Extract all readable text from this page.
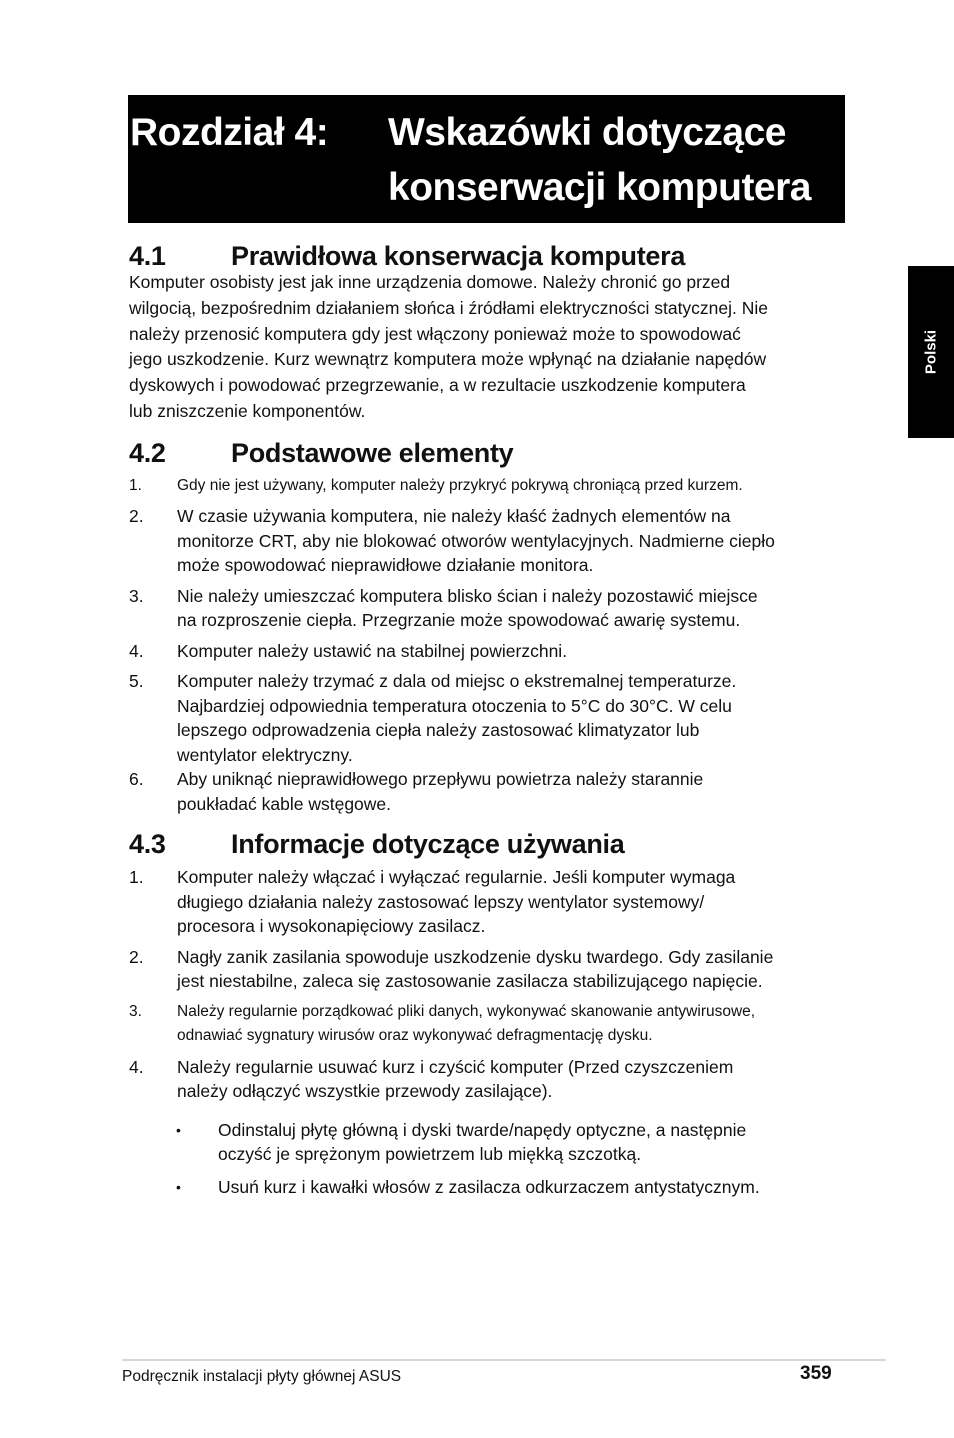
Rozdział 4: Wskazówki dotyczące
konserwacji komputera
Polski
4.1 Prawidłowa konserwacja komputera

Komputer osobisty jest jak inne urządzenia domowe. Należy chronić go przed
wilgocią, bezpośrednim działaniem słońca i źródłami elektryczności statycznej. Nie
należy przenosić komputera gdy jest włączony ponieważ może to spowodować
jego uszkodzenie. Kurz wewnątrz komputera może wpłynąć na działanie napędów
dyskowych i powodować przegrzewanie, a w rezultacie uszkodzenie komputera
lub zniszczenie komponentów.

4.2 Podstawowe elementy
1.	Gdy nie jest używany, komputer należy przykryć pokrywą chroniącą przed kurzem.
2.	W czasie używania komputera, nie należy kłaść żadnych elementów na
monitorze CRT, aby nie blokować otworów wentylacyjnych. Nadmierne ciepło
może spowodować nieprawidłowe działanie monitora.
3.	Nie należy umieszczać komputera blisko ścian i należy pozostawić miejsce
na rozproszenie ciepła. Przegrzanie może spowodować awarię systemu.
4.	Komputer należy ustawić na stabilnej powierzchni.
5.	Komputer należy trzymać z dala od miejsc o ekstremalnej temperaturze.
Najbardziej odpowiednia temperatura otoczenia to 5°C do 30°C. W celu
lepszego odprowadzenia ciepła należy zastosować klimatyzator lub
wentylator elektryczny.
6.	Aby uniknąć nieprawidłowego przepływu powietrza należy starannie
poukładać kable wstęgowe.
4.3 Informacje dotyczące używania
1.	Komputer należy włączać i wyłączać regularnie. Jeśli komputer wymaga
długiego działania należy zastosować lepszy wentylator systemowy/
procesora i wysokonapięciowy zasilacz.
2.	Nagły zanik zasilania spowoduje uszkodzenie dysku twardego. Gdy zasilanie
jest niestabilne, zaleca się zastosowanie zasilacza stabilizującego napięcie.
3.	Należy regularnie porządkować pliki danych, wykonywać skanowanie antywirusowe,
odnawiać sygnatury wirusów oraz wykonywać defragmentację dysku.
4.	Należy regularnie usuwać kurz i czyścić komputer (Przed czyszczeniem
należy odłączyć wszystkie przewody zasilające).
•	Odinstaluj płytę główną i dyski twarde/napędy optyczne, a następnie
oczyść je sprężonym powietrzem lub miękką szczotką.
•	Usuń kurz i kawałki włosów z zasilacza odkurzaczem antystatycznym.
Podręcznik instalacji płyty głównej ASUS	359
